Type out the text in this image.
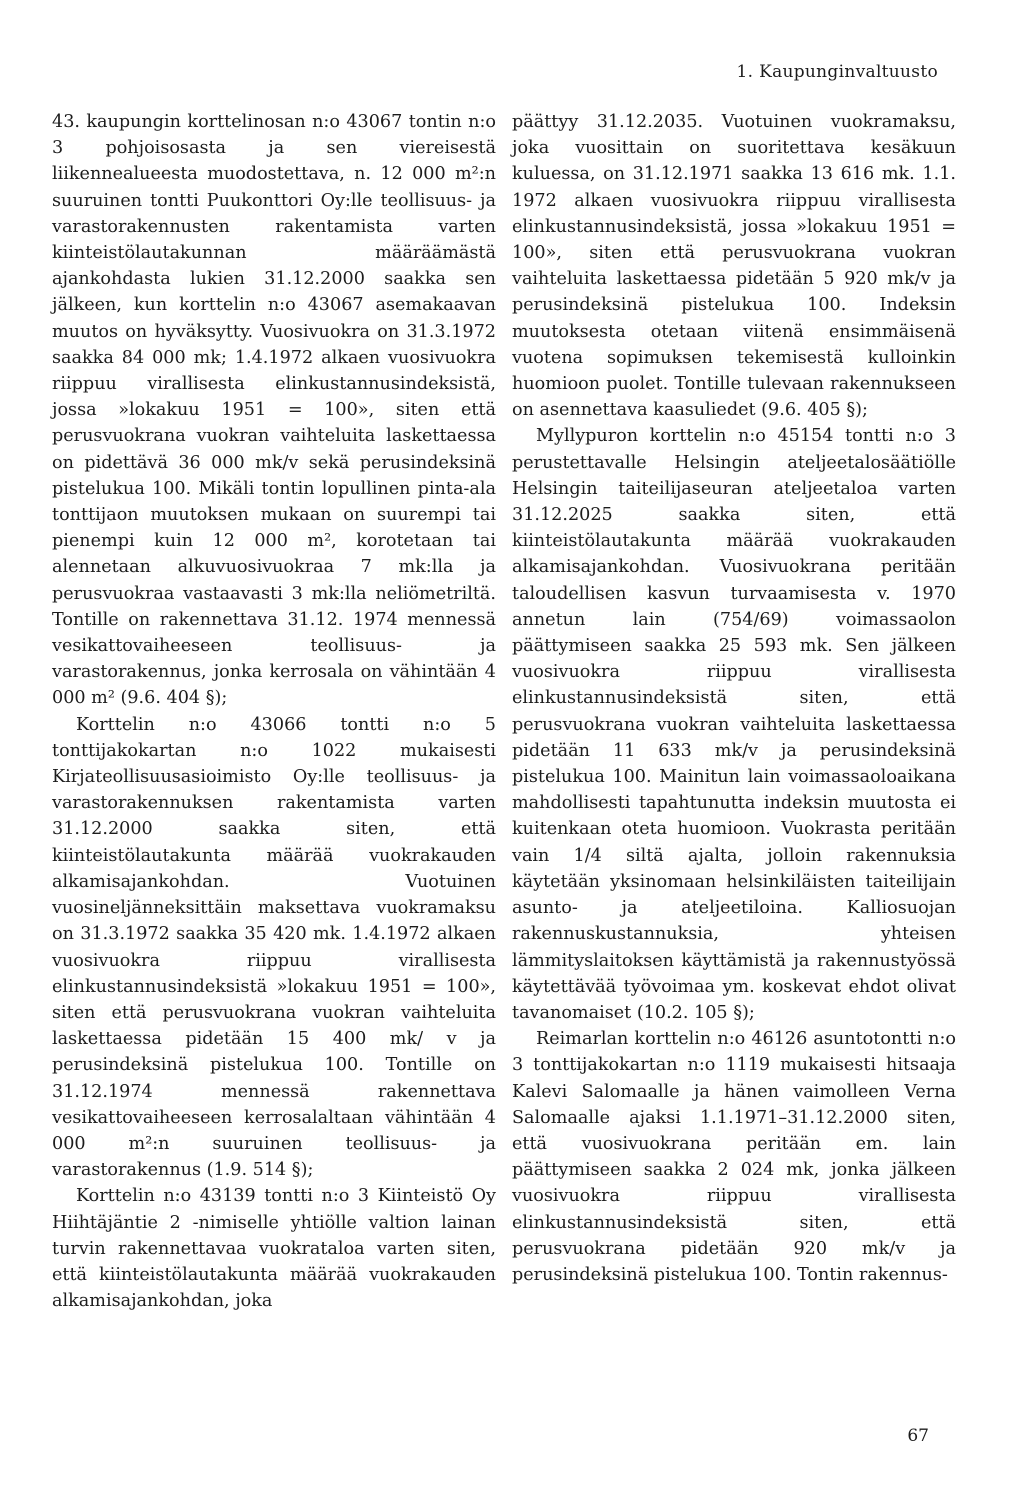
1. Kaupunginvaltuusto

43. kaupungin korttelinosan n:o 43067 tontin n:o 3 pohjoisosasta ja sen viereisestä liikennealueesta muodostettava, n. 12 000 m²:n suuruinen tontti Puukonttori Oy:lle teollisuus- ja varastorakennusten rakentamista varten kiinteistölautakunnan määräämästä ajankohdasta lukien 31.12.2000 saakka sen jälkeen, kun korttelin n:o 43067 asemakaavan muutos on hyväksytty. Vuosivuokra on 31.3.1972 saakka 84 000 mk; 1.4.1972 alkaen vuosivuokra riippuu virallisesta elinkustannusindeksistä, jossa »lokakuu 1951 = 100», siten että perusvuokrana vuokran vaihteluita laskettaessa on pidettävä 36 000 mk/v sekä perusindeksinä pistelukua 100. Mikäli tontin lopullinen pinta-ala tonttijaon muutoksen mukaan on suurempi tai pienempi kuin 12 000 m², korotetaan tai alennetaan alkuvuosivuokraa 7 mk:lla ja perusvuokraa vastaavasti 3 mk:lla neliömetriltä. Tontille on rakennettava 31.12. 1974 mennessä vesikattovaiheeseen teollisuus- ja varastorakennus, jonka kerrosala on vähintään 4 000 m² (9.6. 404 §);

Korttelin n:o 43066 tontti n:o 5 tonttijakokartan n:o 1022 mukaisesti Kirjateollisuusasioimisto Oy:lle teollisuus- ja varastorakennuksen rakentamista varten 31.12.2000 saakka siten, että kiinteistölautakunta määrää vuokrakauden alkamisajankohdan. Vuotuinen vuosineljänneksittäin maksettava vuokramaksu on 31.3.1972 saakka 35 420 mk. 1.4.1972 alkaen vuosivuokra riippuu virallisesta elinkustannusindeksistä »lokakuu 1951 = 100», siten että perusvuokrana vuokran vaihteluita laskettaessa pidetään 15 400 mk/ v ja perusindeksinä pistelukua 100. Tontille on 31.12.1974 mennessä rakennettava vesikattovaiheeseen kerrosalaltaan vähintään 4 000 m²:n suuruinen teollisuus- ja varastorakennus (1.9. 514 §);

Korttelin n:o 43139 tontti n:o 3 Kiinteistö Oy Hiihtäjäntie 2 -nimiselle yhtiölle valtion lainan turvin rakennettavaa vuokrataloa varten siten, että kiinteistölautakunta määrää vuokrakauden alkamisajankohdan, joka

päättyy 31.12.2035. Vuotuinen vuokramaksu, joka vuosittain on suoritettava kesäkuun kuluessa, on 31.12.1971 saakka 13 616 mk. 1.1. 1972 alkaen vuosivuokra riippuu virallisesta elinkustannusindeksistä, jossa »lokakuu 1951 = 100», siten että perusvuokrana vuokran vaihteluita laskettaessa pidetään 5 920 mk/v ja perusindeksinä pistelukua 100. Indeksin muutoksesta otetaan viitenä ensimmäisenä vuotena sopimuksen tekemisestä kulloinkin huomioon puolet. Tontille tulevaan rakennukseen on asennettava kaasuliedet (9.6. 405 §);

Myllypuron korttelin n:o 45154 tontti n:o 3 perustettavalle Helsingin ateljeetalosäätiölle Helsingin taiteilijaseuran ateljeetaloa varten 31.12.2025 saakka siten, että kiinteistölautakunta määrää vuokrakauden alkamisajankohdan. Vuosivuokrana peritään taloudellisen kasvun turvaamisesta v. 1970 annetun lain (754/69) voimassaolon päättymiseen saakka 25 593 mk. Sen jälkeen vuosivuokra riippuu virallisesta elinkustannusindeksistä siten, että perusvuokrana vuokran vaihteluita laskettaessa pidetään 11 633 mk/v ja perusindeksinä pistelukua 100. Mainitun lain voimassaoloaikana mahdollisesti tapahtunutta indeksin muutosta ei kuitenkaan oteta huomioon. Vuokrasta peritään vain 1/4 siltä ajalta, jolloin rakennuksia käytetään yksinomaan helsinkiläisten taiteilijain asunto- ja ateljeetiloina. Kalliosuojan rakennuskustannuksia, yhteisen lämmityslaitoksen käyttämistä ja rakennustyössä käytettävää työvoimaa ym. koskevat ehdot olivat tavanomaiset (10.2. 105 §);

Reimarlan korttelin n:o 46126 asuntotontti n:o 3 tonttijakokartan n:o 1119 mukaisesti hitsaaja Kalevi Salomaalle ja hänen vaimolleen Verna Salomaalle ajaksi 1.1.1971–31.12.2000 siten, että vuosivuokrana peritään em. lain päättymiseen saakka 2 024 mk, jonka jälkeen vuosivuokra riippuu virallisesta elinkustannusindeksistä siten, että perusvuokrana pidetään 920 mk/v ja perusindeksinä pistelukua 100. Tontin rakennus-

67
